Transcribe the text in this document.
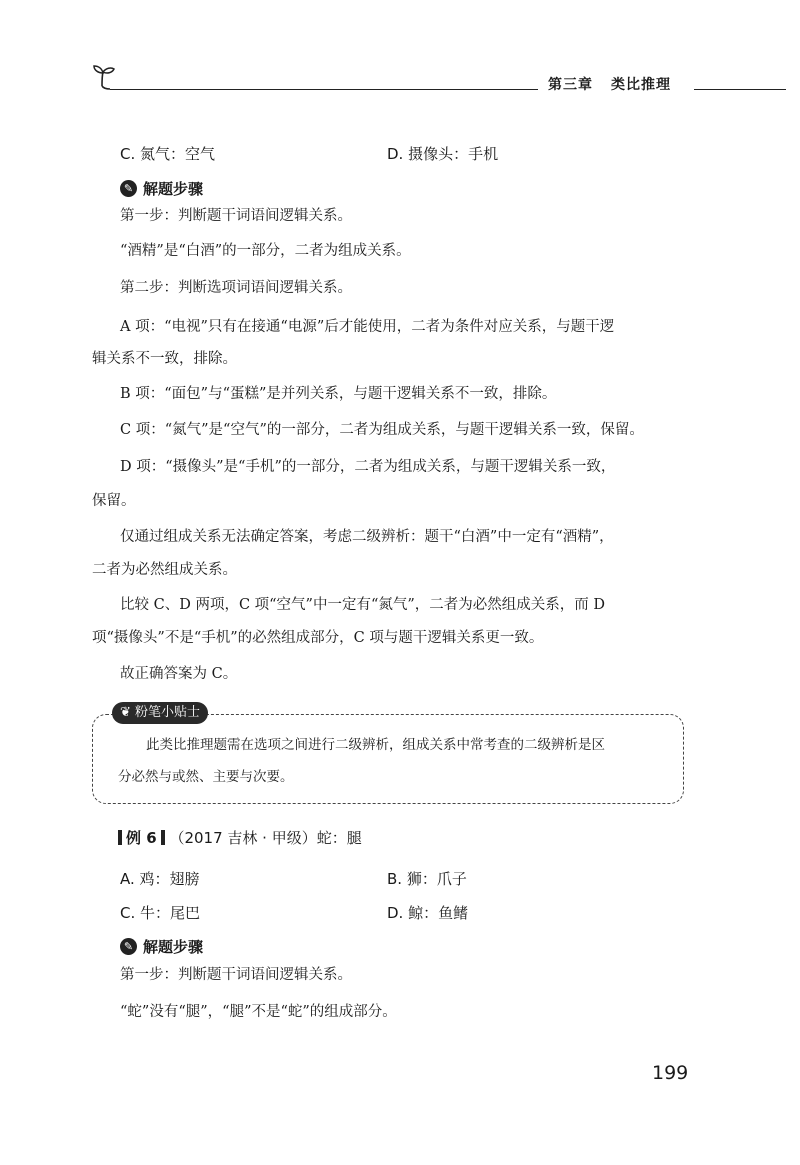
第三章 类比推理
C. 氮气：空气	D. 摄像头：手机
✎ 解题步骤
第一步：判断题干词语间逻辑关系。
“酒精”是“白酒”的一部分，二者为组成关系。
第二步：判断选项词语间逻辑关系。
A 项：“电视”只有在接通“电源”后才能使用，二者为条件对应关系，与题干逻
辑关系不一致，排除。
B 项：“面包”与“蛋糕”是并列关系，与题干逻辑关系不一致，排除。
C 项：“氮气”是“空气”的一部分，二者为组成关系，与题干逻辑关系一致，保留。
D 项：“摄像头”是“手机”的一部分，二者为组成关系，与题干逻辑关系一致，
保留。
仅通过组成关系无法确定答案，考虑二级辨析：题干“白酒”中一定有“酒精”，
二者为必然组成关系。
比较 C、D 两项，C 项“空气”中一定有“氮气”，二者为必然组成关系，而 D
项“摄像头”不是“手机”的必然组成部分，C 项与题干逻辑关系更一致。
故正确答案为 C。
❦ 粉笔小贴士
此类比推理题需在选项之间进行二级辨析，组成关系中常考查的二级辨析是区
分必然与或然、主要与次要。
例 6 （2017 吉林 · 甲级）蛇：腿
A. 鸡：翅膀	B. 狮：爪子
C. 牛：尾巴	D. 鲸：鱼鳍
✎ 解题步骤
第一步：判断题干词语间逻辑关系。
“蛇”没有“腿”，“腿”不是“蛇”的组成部分。
199
